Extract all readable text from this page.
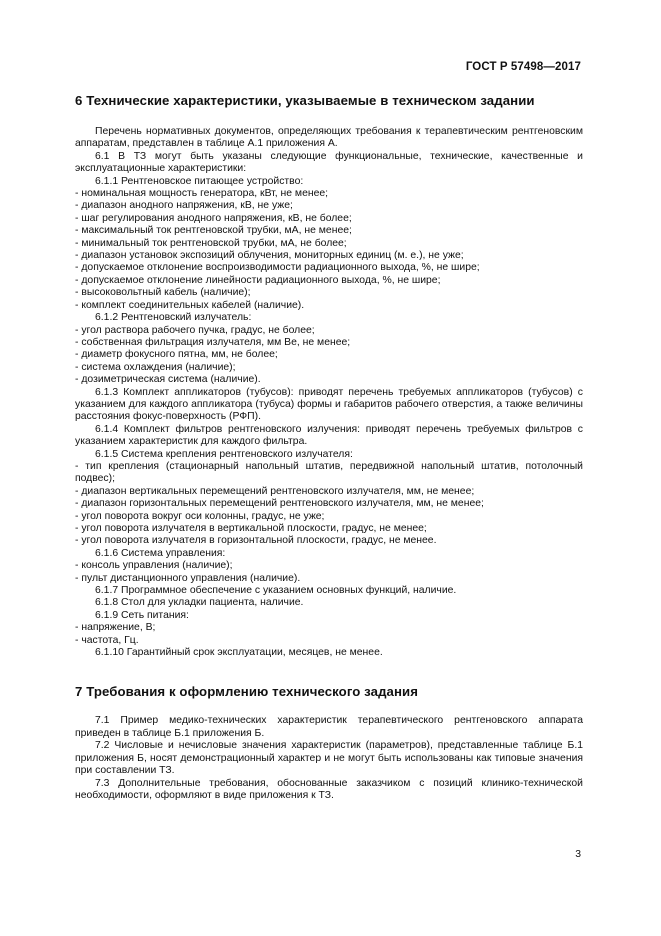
ГОСТ Р 57498—2017
6 Технические характеристики, указываемые в техническом задании

Перечень нормативных документов, определяющих требования к терапевтическим рентгеновским аппаратам, представлен в таблице А.1 приложения А.

6.1 В ТЗ могут быть указаны следующие функциональные, технические, качественные и эксплуатационные характеристики:

6.1.1 Рентгеновское питающее устройство:

- номинальная мощность генератора, кВт, не менее;

- диапазон анодного напряжения, кВ, не уже;

- шаг регулирования анодного напряжения, кВ, не более;

- максимальный ток рентгеновской трубки, мА, не менее;

- минимальный ток рентгеновской трубки, мА, не более;

- диапазон установок экспозиций облучения, мониторных единиц (м. е.), не уже;

- допускаемое отклонение воспроизводимости радиационного выхода, %, не шире;

- допускаемое отклонение линейности радиационного выхода, %, не шире;

- высоковольтный кабель (наличие);

- комплект соединительных кабелей (наличие).

6.1.2 Рентгеновский излучатель:

- угол раствора рабочего пучка, градус, не более;

- собственная фильтрация излучателя, мм Be, не менее;

- диаметр фокусного пятна, мм, не более;

- система охлаждения (наличие);

- дозиметрическая система (наличие).

6.1.3 Комплект аппликаторов (тубусов): приводят перечень требуемых аппликаторов (тубусов) с указанием для каждого аппликатора (тубуса) формы и габаритов рабочего отверстия, а также величины расстояния фокус-поверхность (РФП).

6.1.4 Комплект фильтров рентгеновского излучения: приводят перечень требуемых фильтров с указанием характеристик для каждого фильтра.

6.1.5 Система крепления рентгеновского излучателя:

- тип крепления (стационарный напольный штатив, передвижной напольный штатив, потолочный подвес);

- диапазон вертикальных перемещений рентгеновского излучателя, мм, не менее;

- диапазон горизонтальных перемещений рентгеновского излучателя, мм, не менее;

- угол поворота вокруг оси колонны, градус, не уже;

- угол поворота излучателя в вертикальной плоскости, градус, не менее;

- угол поворота излучателя в горизонтальной плоскости, градус, не менее.

6.1.6 Система управления:

- консоль управления (наличие);

- пульт дистанционного управления (наличие).

6.1.7 Программное обеспечение с указанием основных функций, наличие.

6.1.8 Стол для укладки пациента, наличие.

6.1.9 Сеть питания:

- напряжение, В;

- частота, Гц.

6.1.10 Гарантийный срок эксплуатации, месяцев, не менее.

7 Требования к оформлению технического задания

7.1 Пример медико-технических характеристик терапевтического рентгеновского аппарата приведен в таблице Б.1 приложения Б.

7.2 Числовые и нечисловые значения характеристик (параметров), представленные таблице Б.1 приложения Б, носят демонстрационный характер и не могут быть использованы как типовые значения при составлении ТЗ.

7.3 Дополнительные требования, обоснованные заказчиком с позиций клинико-технической необходимости, оформляют в виде приложения к ТЗ.

3
